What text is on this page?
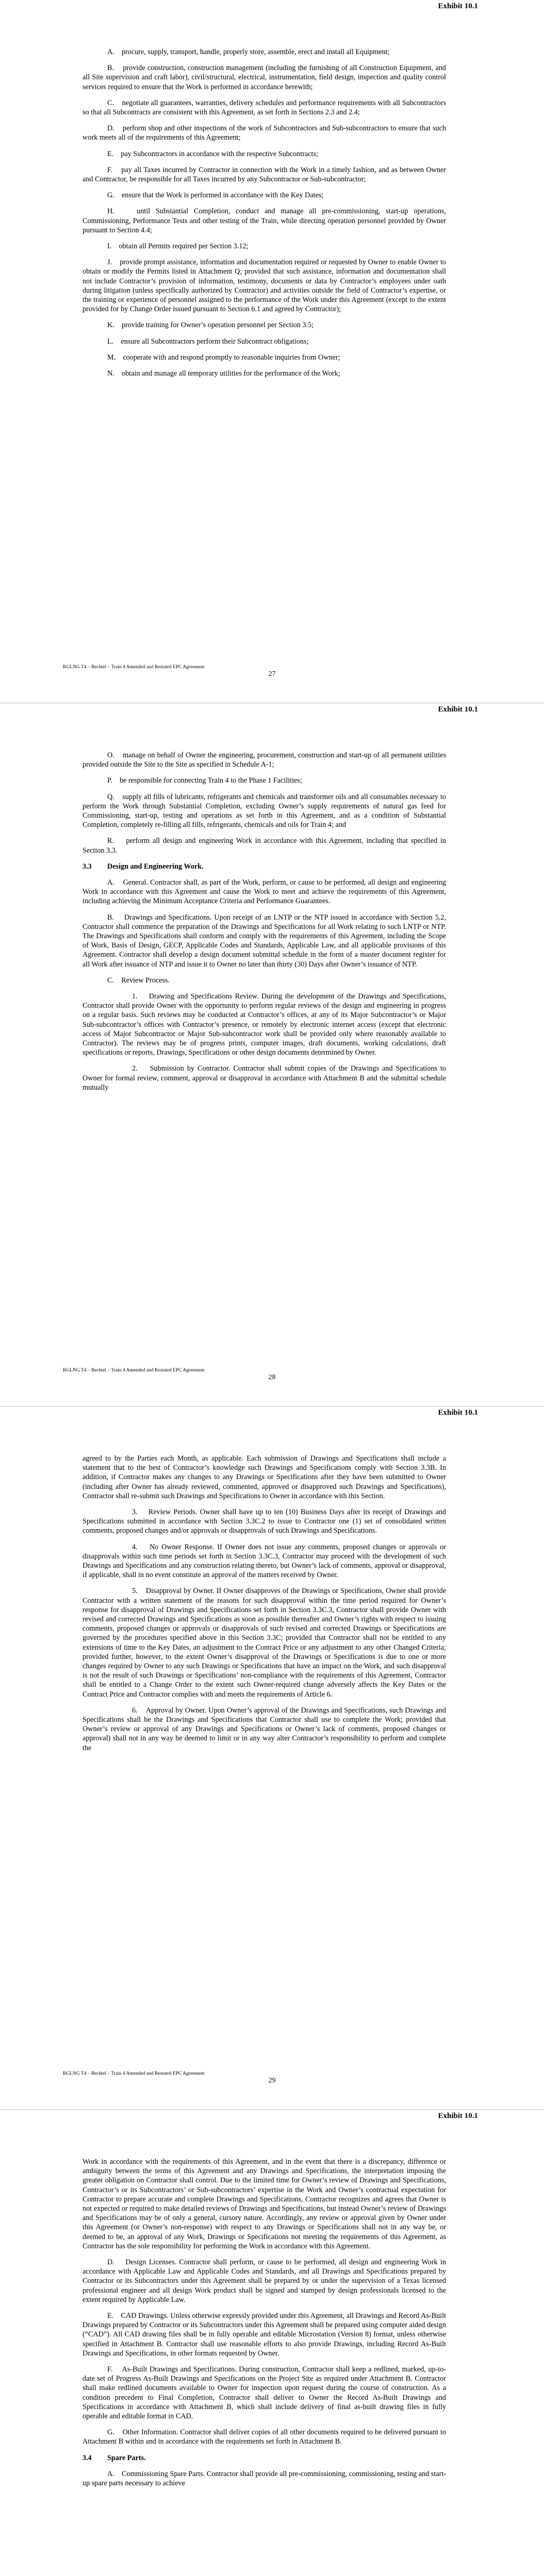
Exhibit 10.1

A.    procure, supply, transport, handle, properly store, assemble, erect and install all Equipment;

B.    provide construction, construction management (including the furnishing of all Construction Equipment, and all Site supervision and craft labor), civil/structural, electrical, instrumentation, field design, inspection and quality control services required to ensure that the Work is performed in accordance herewith;

C.    negotiate all guarantees, warranties, delivery schedules and performance requirements with all Subcontractors so that all Subcontracts are consistent with this Agreement, as set forth in Sections 2.3 and 2.4;

D.    perform shop and other inspections of the work of Subcontractors and Sub-subcontractors to ensure that such work meets all of the requirements of this Agreement;

E.    pay Subcontractors in accordance with the respective Subcontracts;

F.    pay all Taxes incurred by Contractor in connection with the Work in a timely fashion, and as between Owner and Contractor, be responsible for all Taxes incurred by any Subcontractor or Sub-subcontractor;

G.    ensure that the Work is performed in accordance with the Key Dates;

H.    until Substantial Completion, conduct and manage all pre-commissioning, start-up operations, Commissioning, Performance Tests and other testing of the Train, while directing operation personnel provided by Owner pursuant to Section 4.4;

I.    obtain all Permits required per Section 3.12;

J.    provide prompt assistance, information and documentation required or requested by Owner to enable Owner to obtain or modify the Permits listed in Attachment Q; provided that such assistance, information and documentation shall not include Contractor’s provision of information, testimony, documents or data by Contractor’s employees under oath during litigation (unless specifically authorized by Contractor) and activities outside the field of Contractor’s expertise, or the training or experience of personnel assigned to the performance of the Work under this Agreement (except to the extent provided for by Change Order issued pursuant to Section 6.1 and agreed by Contractor);

K.    provide training for Owner’s operation personnel per Section 3.5;

L.    ensure all Subcontractors perform their Subcontract obligations;

M.    cooperate with and respond promptly to reasonable inquiries from Owner;

N.    obtain and manage all temporary utilities for the performance of the Work;

RGLNG T4 – Bechtel – Train 4 Amended and Restated EPC Agreement
27
Exhibit 10.1

O.    manage on behalf of Owner the engineering, procurement, construction and start-up of all permanent utilities provided outside the Site to the Site as specified in Schedule A-1;

P.    be responsible for connecting Train 4 to the Phase 1 Facilities;

Q.    supply all fills of lubricants, refrigerants and chemicals and transformer oils and all consumables necessary to perform the Work through Substantial Completion, excluding Owner’s supply requirements of natural gas feed for Commissioning, start-up, testing and operations as set forth in this Agreement, and as a condition of Substantial Completion, completely re-filling all fills, refrigerants, chemicals and oils for Train 4; and

R.    perform all design and engineering Work in accordance with this Agreement, including that specified in Section 3.3.

3.3 Design and Engineering Work.

A.    General. Contractor shall, as part of the Work, perform, or cause to be performed, all design and engineering Work in accordance with this Agreement and cause the Work to meet and achieve the requirements of this Agreement, including achieving the Minimum Acceptance Criteria and Performance Guarantees.

B.    Drawings and Specifications. Upon receipt of an LNTP or the NTP issued in accordance with Section 5.2, Contractor shall commence the preparation of the Drawings and Specifications for all Work relating to such LNTP or NTP. The Drawings and Specifications shall conform and comply with the requirements of this Agreement, including the Scope of Work, Basis of Design, GECP, Applicable Codes and Standards, Applicable Law, and all applicable provisions of this Agreement. Contractor shall develop a design document submittal schedule in the form of a master document register for all Work after issuance of NTP and issue it to Owner no later than thirty (30) Days after Owner’s issuance of NTP.

C.    Review Process.

1.    Drawing and Specifications Review. During the development of the Drawings and Specifications, Contractor shall provide Owner with the opportunity to perform regular reviews of the design and engineering in progress on a regular basis. Such reviews may be conducted at Contractor’s offices, at any of its Major Subcontractor’s or Major Sub-subcontractor’s offices with Contractor’s presence, or remotely by electronic internet access (except that electronic access of Major Subcontractor or Major Sub-subcontractor work shall be provided only where reasonably available to Contractor). The reviews may be of progress prints, computer images, draft documents, working calculations, draft specifications or reports, Drawings, Specifications or other design documents determined by Owner.

2.    Submission by Contractor. Contractor shall submit copies of the Drawings and Specifications to Owner for formal review, comment, approval or disapproval in accordance with Attachment B and the submittal schedule mutually

RGLNG T4 – Bechtel – Train 4 Amended and Restated EPC Agreement
28
Exhibit 10.1

agreed to by the Parties each Month, as applicable. Each submission of Drawings and Specifications shall include a statement that to the best of Contractor’s knowledge such Drawings and Specifications comply with Section 3.3B. In addition, if Contractor makes any changes to any Drawings or Specifications after they have been submitted to Owner (including after Owner has already reviewed, commented, approved or disapproved such Drawings and Specifications), Contractor shall re-submit such Drawings and Specifications to Owner in accordance with this Section.

3.    Review Periods. Owner shall have up to ten (10) Business Days after its receipt of Drawings and Specifications submitted in accordance with Section 3.3C.2 to issue to Contractor one (1) set of consolidated written comments, proposed changes and/or approvals or disapprovals of such Drawings and Specifications.

4.    No Owner Response. If Owner does not issue any comments, proposed changes or approvals or disapprovals within such time periods set forth in Section 3.3C.3, Contractor may proceed with the development of such Drawings and Specifications and any construction relating thereto, but Owner’s lack of comments, approval or disapproval, if applicable, shall in no event constitute an approval of the matters received by Owner.

5.    Disapproval by Owner. If Owner disapproves of the Drawings or Specifications, Owner shall provide Contractor with a written statement of the reasons for such disapproval within the time period required for Owner’s response for disapproval of Drawings and Specifications set forth in Section 3.3C.3, Contractor shall provide Owner with revised and corrected Drawings and Specifications as soon as possible thereafter and Owner’s rights with respect to issuing comments, proposed changes or approvals or disapprovals of such revised and corrected Drawings or Specifications are governed by the procedures specified above in this Section 3.3C; provided that Contractor shall not be entitled to any extensions of time to the Key Dates, an adjustment to the Contract Price or any adjustment to any other Changed Criteria; provided further, however, to the extent Owner’s disapproval of the Drawings or Specifications is due to one or more changes required by Owner to any such Drawings or Specifications that have an impact on the Work, and such disapproval is not the result of such Drawings or Specifications’ non-compliance with the requirements of this Agreement, Contractor shall be entitled to a Change Order to the extent such Owner-required change adversely affects the Key Dates or the Contract Price and Contractor complies with and meets the requirements of Article 6.

6.    Approval by Owner. Upon Owner’s approval of the Drawings and Specifications, such Drawings and Specifications shall be the Drawings and Specifications that Contractor shall use to complete the Work; provided that Owner’s review or approval of any Drawings and Specifications or Owner’s lack of comments, proposed changes or approval) shall not in any way be deemed to limit or in any way alter Contractor’s responsibility to perform and complete the

RGLNG T4 – Bechtel – Train 4 Amended and Restated EPC Agreement
29
Exhibit 10.1

Work in accordance with the requirements of this Agreement, and in the event that there is a discrepancy, difference or ambiguity between the terms of this Agreement and any Drawings and Specifications, the interpretation imposing the greater obligation on Contractor shall control. Due to the limited time for Owner’s review of Drawings and Specifications, Contractor’s or its Subcontractors’ or Sub-subcontractors’ expertise in the Work and Owner’s contractual expectation for Contractor to prepare accurate and complete Drawings and Specifications, Contractor recognizes and agrees that Owner is not expected or required to make detailed reviews of Drawings and Specifications, but instead Owner’s review of Drawings and Specifications may be of only a general, cursory nature. Accordingly, any review or approval given by Owner under this Agreement (or Owner’s non-response) with respect to any Drawings or Specifications shall not in any way be, or deemed to be, an approval of any Work, Drawings or Specifications not meeting the requirements of this Agreement, as Contractor has the sole responsibility for performing the Work in accordance with this Agreement.

D.    Design Licenses. Contractor shall perform, or cause to be performed, all design and engineering Work in accordance with Applicable Law and Applicable Codes and Standards, and all Drawings and Specifications prepared by Contractor or its Subcontractors under this Agreement shall be prepared by or under the supervision of a Texas licensed professional engineer and all design Work product shall be signed and stamped by design professionals licensed to the extent required by Applicable Law.

E.    CAD Drawings. Unless otherwise expressly provided under this Agreement, all Drawings and Record As-Built Drawings prepared by Contractor or its Subcontractors under this Agreement shall be prepared using computer aided design (“CAD”). All CAD drawing files shall be in fully operable and editable Microstation (Version 8) format, unless otherwise specified in Attachment B. Contractor shall use reasonable efforts to also provide Drawings, including Record As-Built Drawings and Specifications, in other formats requested by Owner.

F.    As-Built Drawings and Specifications. During construction, Contractor shall keep a redlined, marked, up-to-date set of Progress As-Built Drawings and Specifications on the Project Site as required under Attachment B. Contractor shall make redlined documents available to Owner for inspection upon request during the course of construction. As a condition precedent to Final Completion, Contractor shall deliver to Owner the Record As-Built Drawings and Specifications in accordance with Attachment B, which shall include delivery of final as-built drawing files in fully operable and editable format in CAD.

G.    Other Information. Contractor shall deliver copies of all other documents required to be delivered pursuant to Attachment B within and in accordance with the requirements set forth in Attachment B.

3.4 Spare Parts.

A.    Commissioning Spare Parts. Contractor shall provide all pre-commissioning, commissioning, testing and start-up spare parts necessary to achieve
